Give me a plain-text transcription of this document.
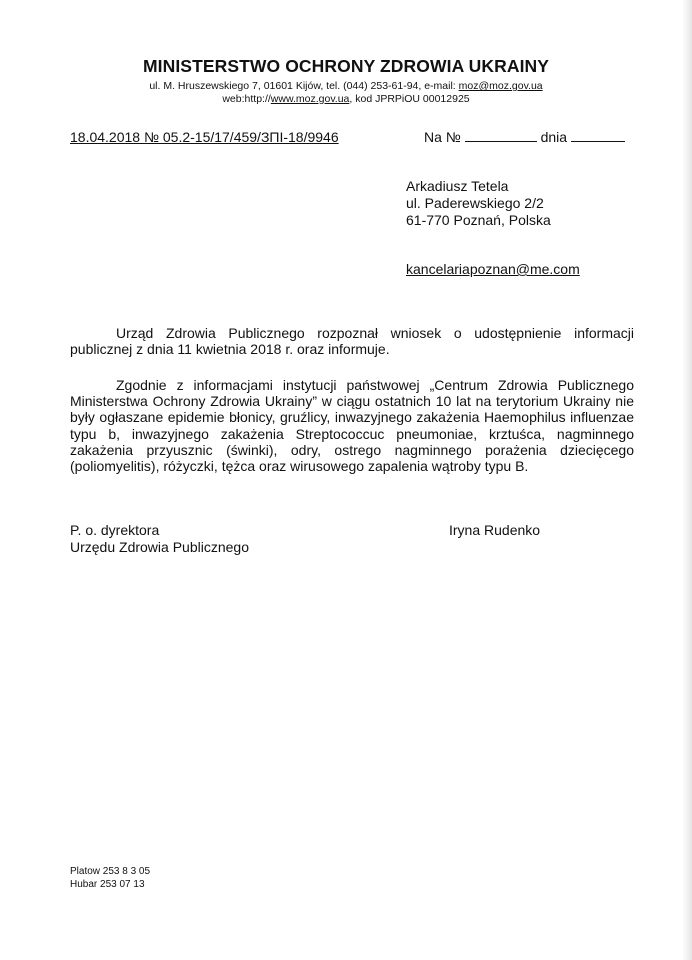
MINISTERSTWO OCHRONY ZDROWIA UKRAINY
ul. M. Hruszewskiego 7, 01601 Kijów, tel. (044) 253-61-94, e-mail: moz@moz.gov.ua
web:http://www.moz.gov.ua, kod JPRPiOU 00012925
18.04.2018 № 05.2-15/17/459/ЗПІ-18/9946	Na №	dnia
Arkadiusz Tetela
ul. Paderewskiego 2/2
61-770 Poznań, Polska
kancelariapoznan@me.com
Urząd Zdrowia Publicznego rozpoznał wniosek o udostępnienie informacji
publicznej z dnia 11 kwietnia 2018 r. oraz informuje.
Zgodnie z informacjami instytucji państwowej „Centrum Zdrowia Publicznego
Ministerstwa Ochrony Zdrowia Ukrainy” w ciągu ostatnich 10 lat na terytorium Ukrainy nie
były ogłaszane epidemie błonicy, gruźlicy, inwazyjnego zakażenia Haemophilus influenzae
typu b, inwazyjnego zakażenia Streptococcuc pneumoniae, krztuśca, nagminnego
zakażenia przyusznic (świnki), odry, ostrego nagminnego porażenia dziecięcego
(poliomyelitis), różyczki, tężca oraz wirusowego zapalenia wątroby typu B.
P. o. dyrektora
Urzędu Zdrowia Publicznego
Iryna Rudenko
Platow 253 8 3 05
Hubar 253 07 13
